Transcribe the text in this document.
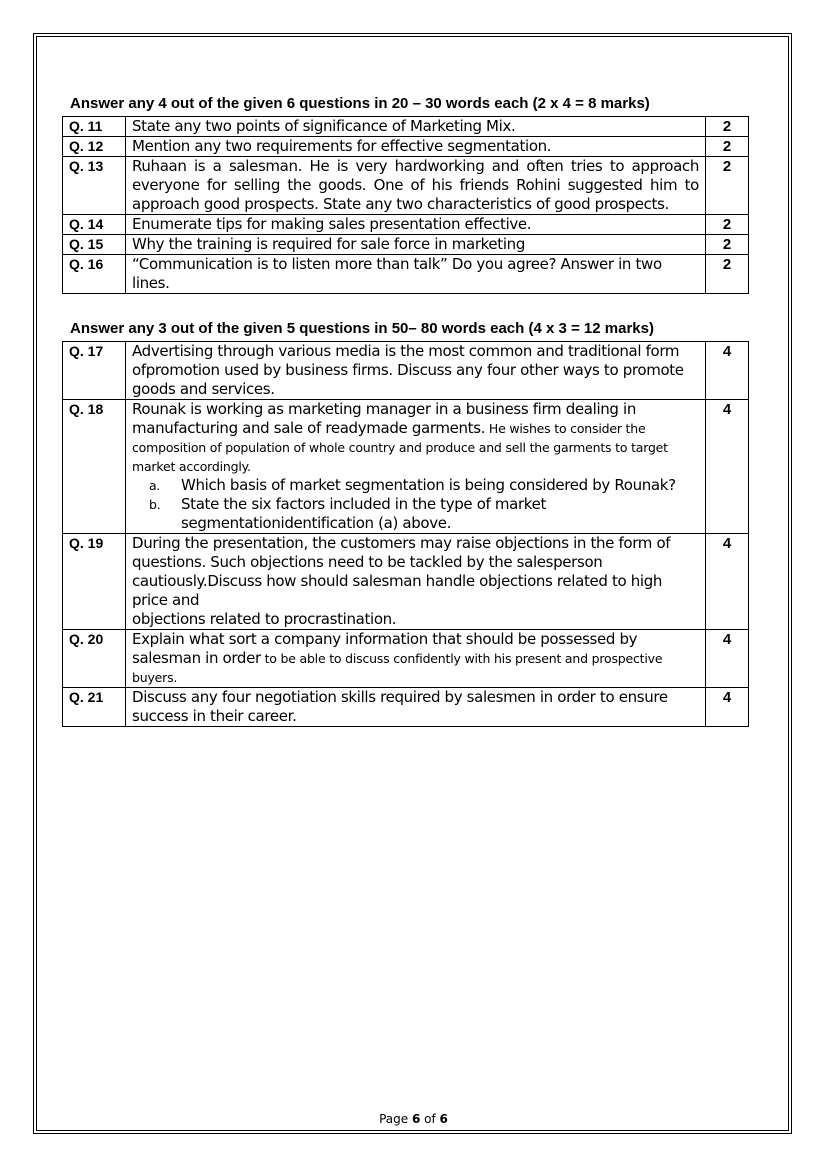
Answer any 4 out of the given 6 questions in 20 – 30 words each (2 x 4 = 8 marks)
Q. 11	State any two points of significance of Marketing Mix.	2
Q. 12	Mention any two requirements for effective segmentation.	2
Q. 13	Ruhaan is a salesman. He is very hardworking and often tries to approach everyone for selling the goods. One of his friends Rohini suggested him to approach good prospects. State any two characteristics of good prospects.	2
Q. 14	Enumerate tips for making sales presentation effective.	2
Q. 15	Why the training is required for sale force in marketing	2
Q. 16	“Communication is to listen more than talk” Do you agree? Answer in two lines.	2
Answer any 3 out of the given 5 questions in 50– 80 words each (4 x 3 = 12 marks)
Q. 17	Advertising through various media is the most common and traditional form ofpromotion used by business firms. Discuss any four other ways to promote goods and services.	4
Q. 18	Rounak is working as marketing manager in a business firm dealing in manufacturing and sale of readymade garments. He wishes to consider the composition of population of whole country and produce and sell the garments to target market accordingly.
a. Which basis of market segmentation is being considered by Rounak?
b. State the six factors included in the type of market segmentationidentification (a) above.	4
Q. 19	During the presentation, the customers may raise objections in the form of questions. Such objections need to be tackled by the salesperson cautiously.Discuss how should salesman handle objections related to high price and
objections related to procrastination.	4
Q. 20	Explain what sort a company information that should be possessed by salesman in order to be able to discuss confidently with his present and prospective buyers.	4
Q. 21	Discuss any four negotiation skills required by salesmen in order to ensure success in their career.	4
Page 6 of 6
